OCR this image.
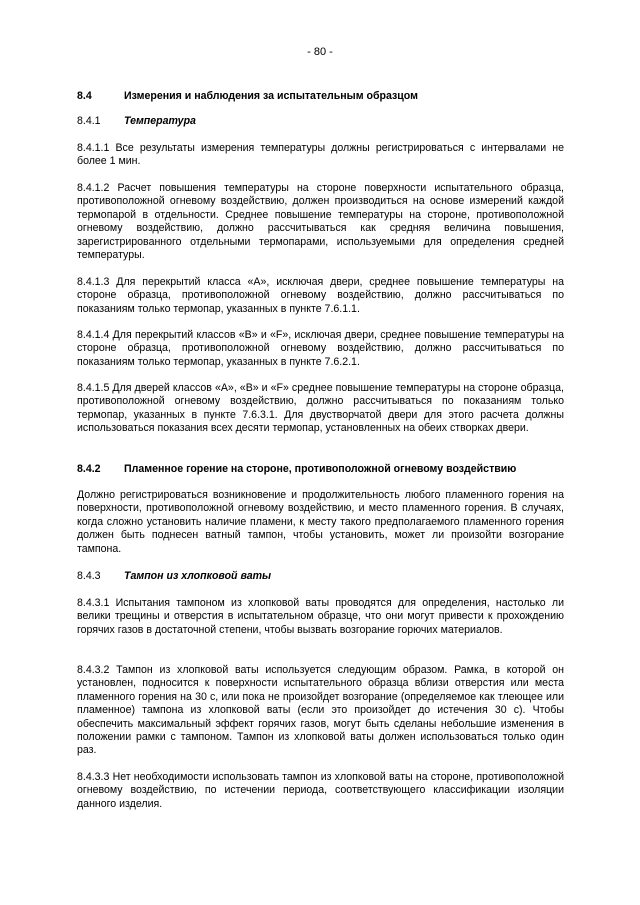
- 80 -
8.4	Измерения и наблюдения за испытательным образцом
8.4.1	Температура
8.4.1.1 Все результаты измерения температуры должны регистрироваться с интервалами не более 1 мин.
8.4.1.2 Расчет повышения температуры на стороне поверхности испытательного образца, противоположной огневому воздействию, должен производиться на основе измерений каждой термопарой в отдельности. Среднее повышение температуры на стороне, противоположной огневому воздействию, должно рассчитываться как средняя величина повышения, зарегистрированного отдельными термопарами, используемыми для определения средней температуры.
8.4.1.3 Для перекрытий класса «А», исключая двери, среднее повышение температуры на стороне образца, противоположной огневому воздействию, должно рассчитываться по показаниям только термопар, указанных в пункте 7.6.1.1.
8.4.1.4 Для перекрытий классов «В» и «F», исключая двери, среднее повышение температуры на стороне образца, противоположной огневому воздействию, должно рассчитываться по показаниям только термопар, указанных в пункте 7.6.2.1.
8.4.1.5 Для дверей классов «А», «В» и «F» среднее повышение температуры на стороне образца, противоположной огневому воздействию, должно рассчитываться по показаниям только термопар, указанных в пункте 7.6.3.1. Для двустворчатой двери для этого расчета должны использоваться показания всех десяти термопар, установленных на обеих створках двери.
8.4.2	Пламенное горение на стороне, противоположной огневому воздействию
Должно регистрироваться возникновение и продолжительность любого пламенного горения на поверхности, противоположной огневому воздействию, и место пламенного горения. В случаях, когда сложно установить наличие пламени, к месту такого предполагаемого пламенного горения должен быть поднесен ватный тампон, чтобы установить, может ли произойти возгорание тампона.
8.4.3	Тампон из хлопковой ваты
8.4.3.1 Испытания тампоном из хлопковой ваты проводятся для определения, настолько ли велики трещины и отверстия в испытательном образце, что они могут привести к прохождению горячих газов в достаточной степени, чтобы вызвать возгорание горючих материалов.
8.4.3.2 Тампон из хлопковой ваты используется следующим образом. Рамка, в которой он установлен, подносится к поверхности испытательного образца вблизи отверстия или места пламенного горения на 30 с, или пока не произойдет возгорание (определяемое как тлеющее или пламенное) тампона из хлопковой ваты (если это произойдет до истечения 30 с). Чтобы обеспечить максимальный эффект горячих газов, могут быть сделаны небольшие изменения в положении рамки с тампоном. Тампон из хлопковой ваты должен использоваться только один раз.
8.4.3.3 Нет необходимости использовать тампон из хлопковой ваты на стороне, противоположной огневому воздействию, по истечении периода, соответствующего классификации изоляции данного изделия.
